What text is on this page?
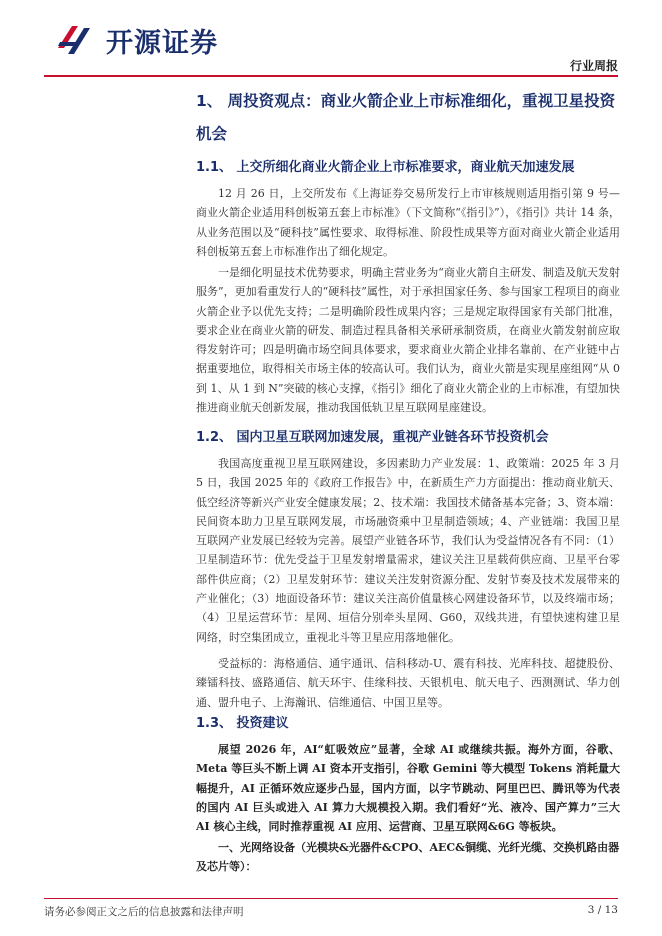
开源证券
行业周报
1、 周投资观点：商业火箭企业上市标准细化，重视卫星投资
机会
1.1、 上交所细化商业火箭企业上市标准要求，商业航天加速发展
12 月 26 日，上交所发布《上海证券交易所发行上市审核规则适用指引第 9 号—商业火箭企业适用科创板第五套上市标准》（下文简称“《指引》”），《指引》共计 14 条，从业务范围以及“硬科技”属性要求、取得标准、阶段性成果等方面对商业火箭企业适用科创板第五套上市标准作出了细化规定。
一是细化明显技术优势要求，明确主营业务为“商业火箭自主研发、制造及航天发射服务”，更加看重发行人的“硬科技”属性，对于承担国家任务、参与国家工程项目的商业火箭企业予以优先支持；二是明确阶段性成果内容；三是规定取得国家有关部门批准，要求企业在商业火箭的研发、制造过程具备相关承研承制资质，在商业火箭发射前应取得发射许可；四是明确市场空间具体要求，要求商业火箭企业排名靠前、在产业链中占据重要地位，取得相关市场主体的较高认可。我们认为，商业火箭是实现星座组网“从 0 到 1、从 1 到 N”突破的核心支撑，《指引》细化了商业火箭企业的上市标准，有望加快推进商业航天创新发展，推动我国低轨卫星互联网星座建设。
1.2、 国内卫星互联网加速发展，重视产业链各环节投资机会
我国高度重视卫星互联网建设，多因素助力产业发展：1、政策端：2025 年 3 月 5 日，我国 2025 年的《政府工作报告》中，在新质生产力方面提出：推动商业航天、低空经济等新兴产业安全健康发展；2、技术端：我国技术储备基本完备；3、资本端：民间资本助力卫星互联网发展，市场融资乘中卫星制造领域；4、产业链端：我国卫星互联网产业发展已经较为完善。展望产业链各环节，我们认为受益情况各有不同：（1）卫星制造环节：优先受益于卫星发射增量需求，建议关注卫星载荷供应商、卫星平台零部件供应商；（2）卫星发射环节：建议关注发射资源分配、发射节奏及技术发展带来的产业催化；（3）地面设备环节：建议关注高价值量核心网建设备环节，以及终端市场；（4）卫星运营环节：星网、垣信分别牵头星网、G60，双线共进，有望快速构建卫星网络，时空集团成立，重视北斗等卫星应用落地催化。
受益标的：海格通信、通宇通讯、信科移动-U、震有科技、光库科技、超捷股份、臻镭科技、盛路通信、航天环宇、佳缘科技、天银机电、航天电子、西测测试、华力创通、盟升电子、上海瀚讯、信维通信、中国卫星等。
1.3、 投资建议
展望 2026 年，AI“虹吸效应”显著，全球 AI 或继续共振。海外方面，谷歌、Meta 等巨头不断上调 AI 资本开支指引，谷歌 Gemini 等大模型 Tokens 消耗量大幅提升，AI 正循环效应逐步凸显，国内方面，以字节跳动、阿里巴巴、腾讯等为代表的国内 AI 巨头或进入 AI 算力大规模投入期。我们看好“光、液冷、国产算力”三大 AI 核心主线，同时推荐重视 AI 应用、运营商、卫星互联网&6G 等板块。
一、光网络设备（光模块&光器件&CPO、AEC&铜缆、光纤光缆、交换机路由器及芯片等）：
请务必参阅正文之后的信息披露和法律声明	3 / 13
